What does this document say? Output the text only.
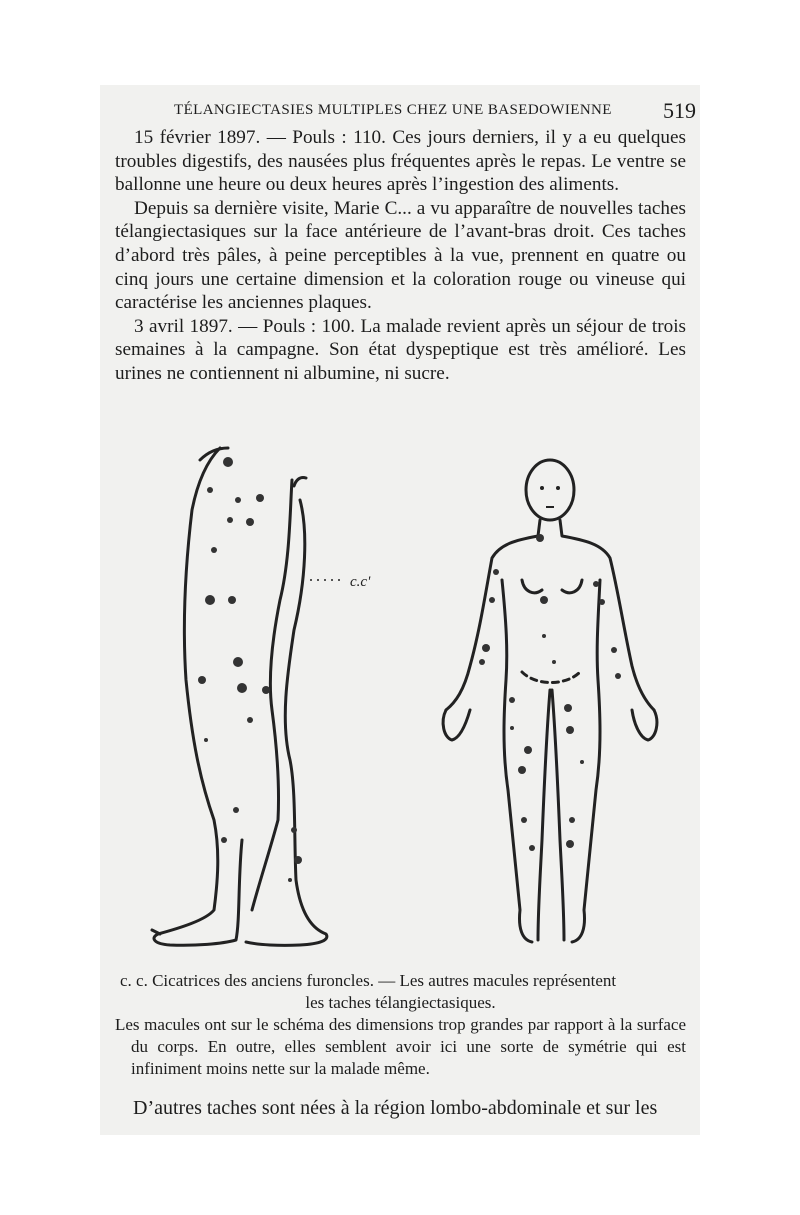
TÉLANGIECTASIES MULTIPLES CHEZ UNE BASEDOWIENNE 519

15 février 1897. — Pouls : 110. Ces jours derniers, il y a eu quelques troubles digestifs, des nausées plus fréquentes après le repas. Le ventre se ballonne une heure ou deux heures après l’ingestion des aliments.

Depuis sa dernière visite, Marie C... a vu apparaître de nouvelles taches télangiectasiques sur la face antérieure de l’avant-bras droit. Ces taches d’abord très pâles, à peine perceptibles à la vue, prennent en quatre ou cinq jours une certaine dimension et la coloration rouge ou vineuse qui caractérise les anciennes plaques.

3 avril 1897. — Pouls : 100. La malade revient après un séjour de trois semaines à la campagne. Son état dyspeptique est très amélioré. Les urines ne contiennent ni albumine, ni sucre.

c.c'

c. c. Cicatrices des anciens furoncles. — Les autres macules représentent

les taches télangiectasiques.

Les macules ont sur le schéma des dimensions trop grandes par rapport à la surface du corps. En outre, elles semblent avoir ici une sorte de symétrie qui est infiniment moins nette sur la malade même.

D’autres taches sont nées à la région lombo-abdominale et sur les
